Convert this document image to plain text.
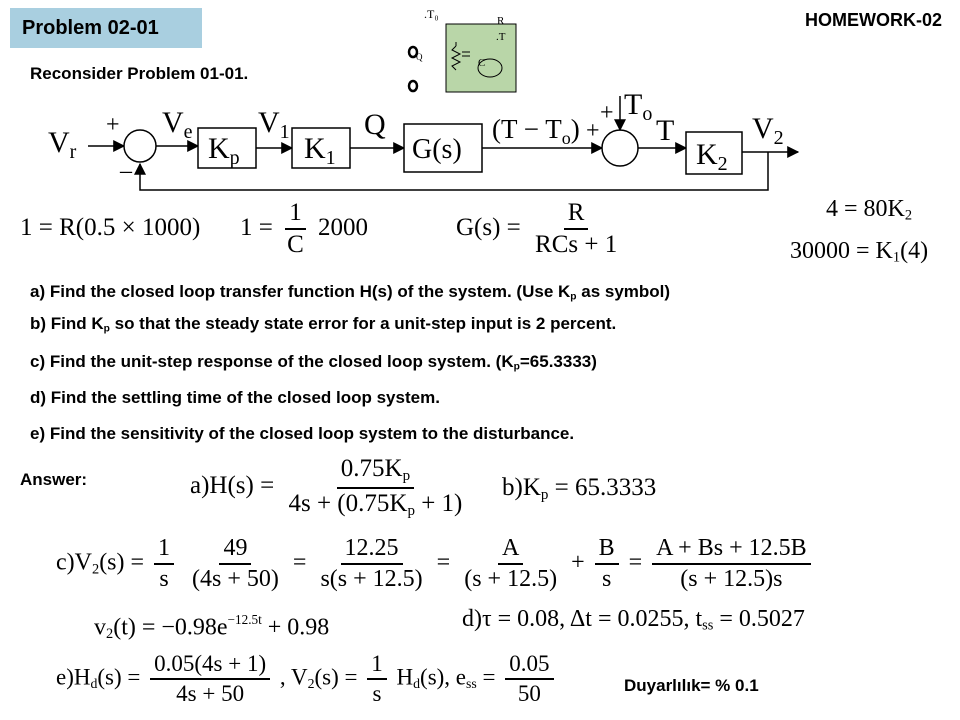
Problem 02-01	HOMEWORK-02
Reconsider Problem 01-01.
.T₀	R
.T
C
Q
$V_r$
+
–
$V_e$ $K_p$
$V_1$ $K_1$
Q
G(s)
$(T - T_o)$ +
+ $T_o$ T
$K_2$
$V_2$
1 = R(0.5 × 1000) $1 = \frac{1}{C} 2000$	$G(s) = \frac{R}{\text{RCs + 1}}$	$4 = 80K_2$
$30000 = K_1(4)$
a) Find the closed loop transfer function H(s) of the system. (Use $K_p$ as symbol)
b) Find $K_p$ so that the steady state error for a unit-step input is 2 percent.
c) Find the unit-step response of the closed loop system. $(K_p=65.3333)$
d) Find the settling time of the closed loop system.
e) Find the sensitivity of the closed loop system to the disturbance.
Answer:	$a)H(s) = \frac{0.75K_p}{4s + (0.75K_p + 1)} b)K_p = 65.3333$
$c)V_2(s) = \frac{1}{s}$
$\frac{49}{(4s + 50)} = \frac{12.25}{s(s + 12.5)} = \frac{A}{(s + 12.5)} + \frac{B}{s} = \frac{A + Bs + 12.5B}{(s + 12.5)s}$
$v_2(t) = -0.98e^{-12.5t} + 0.98$	d)τ = 0.08, Δt = 0.0255, $t_{ss} = 0.5027$
$e)H_d(s) = \frac{0.05(4s + 1)}{4s + 50}$ , $V_2(s) = \frac{1}{s} H_d(s)$, $e_{ss} = \frac{0.05}{50}$	Duyarlılık= % 0.1
